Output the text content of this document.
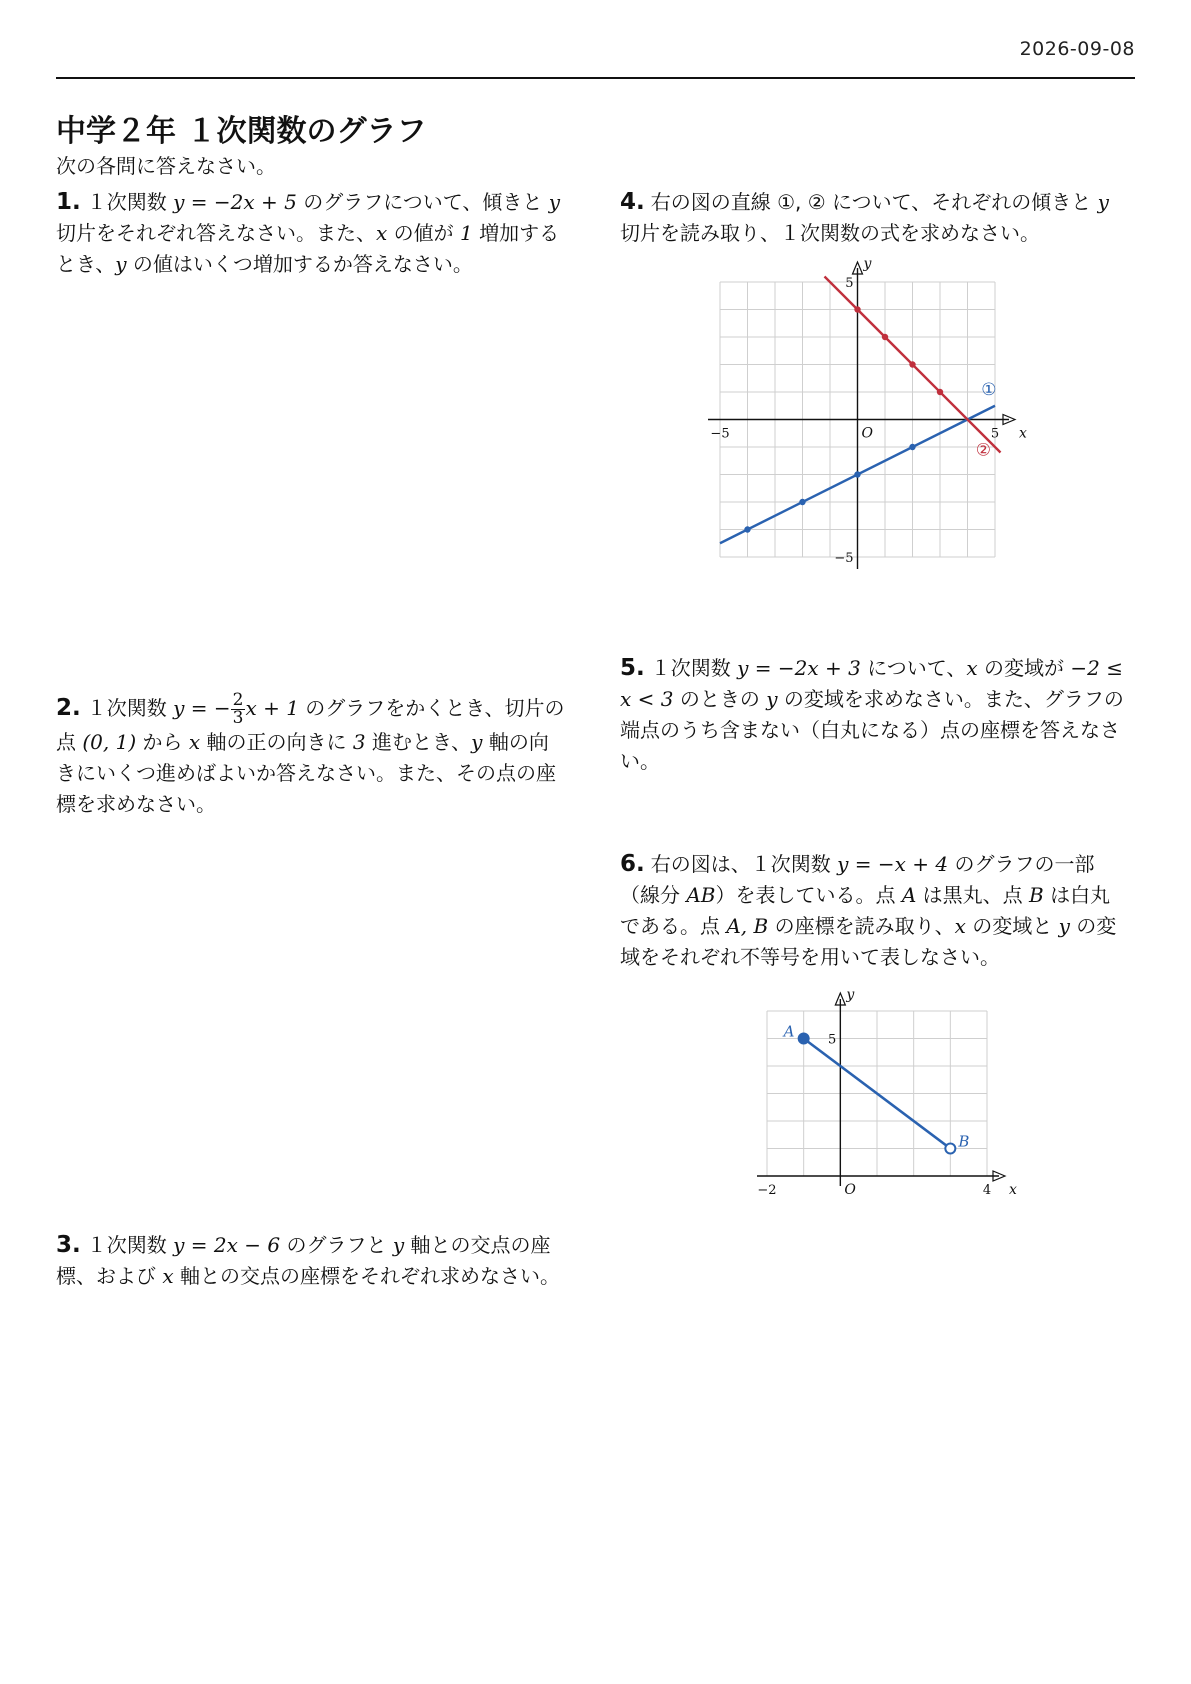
2026-09-08
中学２年 １次関数のグラフ
次の各問に答えなさい。
1. １次関数 y = −2x + 5 のグラフについて、傾きと y 切片をそれぞれ答えなさい。また、x の値が 1 増加するとき、y の値はいくつ増加するか答えなさい。
2. １次関数 y = − $\frac{2}{3}$ x + 1 のグラフをかくとき、切片の点 (0, 1) から x 軸の正の向きに 3 進むとき、y 軸の向きにいくつ進めばよいか答えなさい。また、その点の座標を求めなさい。
3. １次関数 y = 2x − 6 のグラフと y 軸との交点の座標、および x 軸との交点の座標をそれぞれ求めなさい。
4. 右の図の直線 ①, ② について、それぞれの傾きと y 切片を読み取り、１次関数の式を求めなさい。
x
y
O
−5	5
5
−5
①
②
5. １次関数 y = −2x + 3 について、x の変域が −2 ≤ x < 3 のときの y の変域を求めなさい。また、グラフの端点のうち含まない（白丸になる）点の座標を答えなさい。
6. 右の図は、１次関数 y = −x + 4 のグラフの一部（線分 AB）を表している。点 A は黒丸、点 B は白丸である。点 A, B の座標を読み取り、x の変域と y の変域をそれぞれ不等号を用いて表しなさい。
x
y
O
−2	4
5
A
B
